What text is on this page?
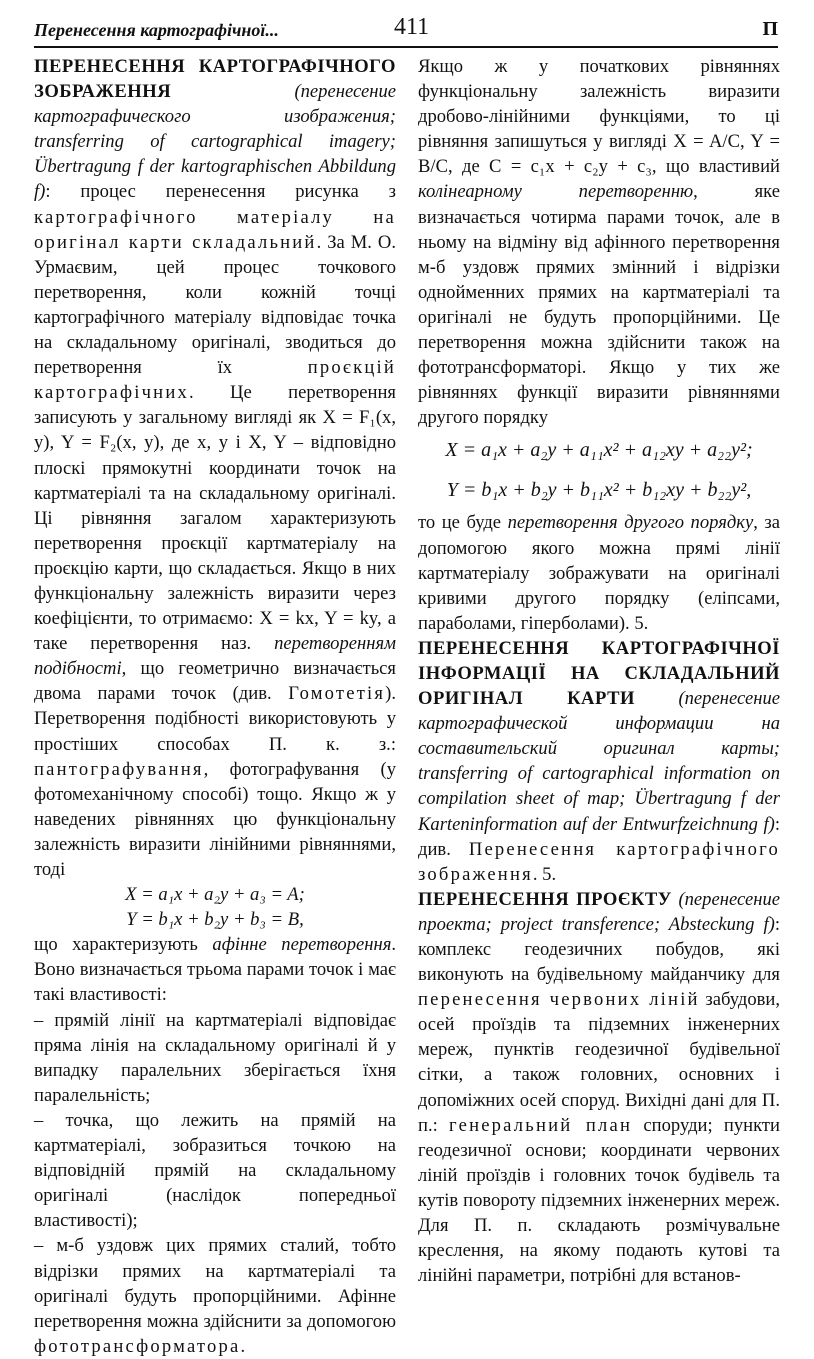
Перенесення картографічної...	411	П

ПЕРЕНЕСЕННЯ КАРТОГРАФІЧНОГО ЗОБРАЖЕННЯ	(перенесение картографического изображения; transferring of cartographical imagery; Übertragung f der kartographischen Abbildung f): процес перенесення рисунка з картографічного матеріалу на оригінал карти складальний. За М. О. Урмаєвим, цей процес точкового перетворення, коли кожній точці картографічного матеріалу відповідає точка на складальному оригіналі, зводиться до перетворення їх проєкцій картографічних. Це перетворення записують у загальному вигляді як X = F₁(x, y), Y = F₂(x, y), де x, y і X, Y – відповідно плоскі прямокутні координати точок на картматеріалі та на складальному оригіналі. Ці рівняння загалом характеризують перетворення проєкції картматеріалу на проєкцію карти, що складається. Якщо в них функціональну залежність виразити через коефіцієнти, то отримаємо: X = kx, Y = ky, а таке перетворення наз. перетворенням подібності, що геометрично визначається двома парами точок (див. Гомотетія). Перетворення подібності використовують у простіших способах П. к. з.: пантографування, фотографування (у фотомеханічному способі) тощо. Якщо ж у наведених рівняннях цю функціональну залежність виразити лінійними рівняннями, тоді

X = a₁x + a₂y + a₃ = A;

Y = b₁x + b₂y + b₃ = B,

що характеризують афінне перетворення. Воно визначається трьома парами точок і має такі властивості:

– прямій лінії на картматеріалі відповідає пряма лінія на складальному оригіналі й у випадку паралельних зберігається їхня паралельність;

– точка, що лежить на прямій на картматеріалі, зобразиться точкою на відповідній прямій на складальному оригіналі (наслідок попередньої властивості);

– м-б уздовж цих прямих сталий, тобто відрізки прямих на картматеріалі та оригіналі будуть пропорційними. Афінне перетворення можна здійснити за допомогою фототрансформатора.

Якщо ж у початкових рівняннях функціональну залежність виразити дробово-лінійними функціями, то ці рівняння запишуться у вигляді X = A/C, Y = B/C, де C = c₁x + c₂y + c₃, що властивий колінеарному перетворенню, яке визначається чотирма парами точок, але в ньому на відміну від афінного перетворення м-б уздовж прямих змінний і відрізки однойменних прямих на картматеріалі та оригіналі не будуть пропорційними. Це перетворення можна здійснити також на фототрансформаторі. Якщо у тих же рівняннях функції виразити рівняннями другого порядку

X = a₁x + a₂y + a₁₁x² + a₁₂xy + a₂₂y²;

Y = b₁x + b₂y + b₁₁x² + b₁₂xy + b₂₂y²,

то це буде перетворення другого порядку, за допомогою якого можна прямі лінії картматеріалу зображувати на оригіналі кривими другого порядку (еліпсами, параболами, гіперболами). 5.

ПЕРЕНЕСЕННЯ КАРТОГРАФІЧНОЇ ІНФОРМАЦІЇ НА СКЛАДАЛЬНИЙ ОРИГІНАЛ КАРТИ (перенесение картографической информации на составительский оригинал карты; transferring of cartographical information on compilation sheet of map; Übertragung f der Karteninformation auf der Entwurfzeichnung f): див. Перенесення картографічного зображення. 5.

ПЕРЕНЕСЕННЯ ПРОЄКТУ (перенесение проекта; project transference; Absteckung f): комплекс геодезичних побудов, які виконують на будівельному майданчику для перенесення червоних ліній забудови, осей проїздів та підземних інженерних мереж, пунктів геодезичної будівельної сітки, а також головних, основних і допоміжних осей споруд. Вихідні дані для П. п.: генеральний план споруди; пункти геодезичної основи; координати червоних ліній проїздів і головних точок будівель та кутів повороту підземних інженерних мереж. Для П. п. складають розмічувальне креслення, на якому подають кутові та лінійні параметри, потрібні для встанов-
